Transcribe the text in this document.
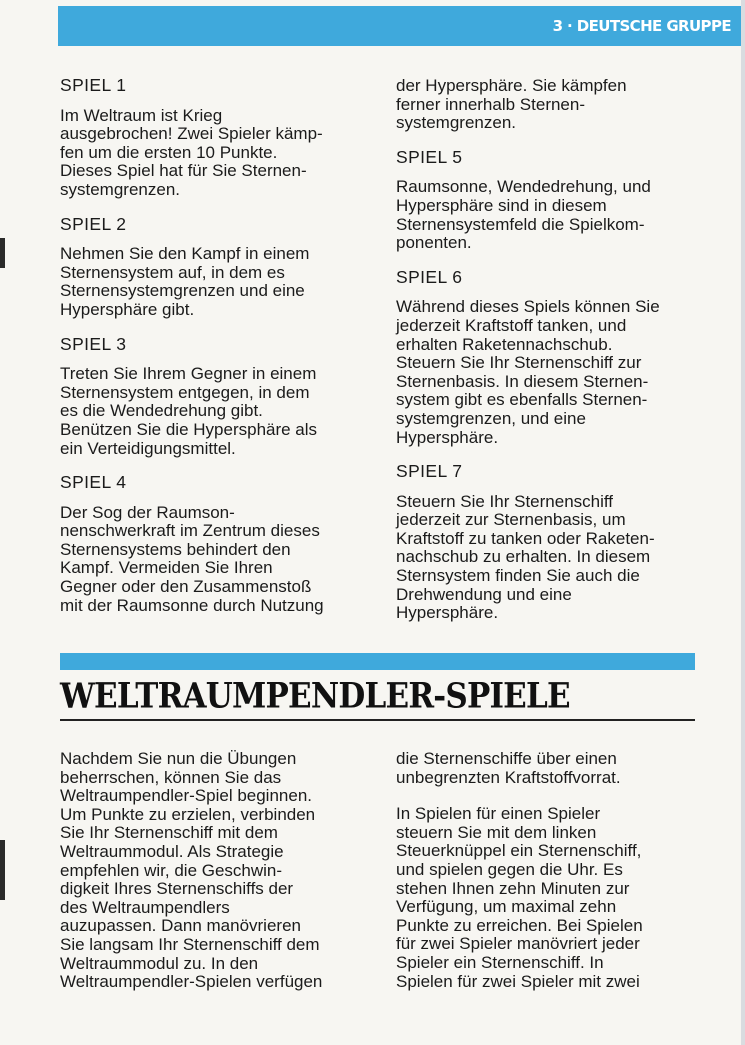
3 · DEUTSCHE GRUPPE

SPIEL 1

Im Weltraum ist Krieg
ausgebrochen! Zwei Spieler kämp-
fen um die ersten 10 Punkte.
Dieses Spiel hat für Sie Sternen-
systemgrenzen.

SPIEL 2

Nehmen Sie den Kampf in einem
Sternensystem auf, in dem es
Sternensystemgrenzen und eine
Hypersphäre gibt.

SPIEL 3

Treten Sie Ihrem Gegner in einem
Sternensystem entgegen, in dem
es die Wendedrehung gibt.
Benützen Sie die Hypersphäre als
ein Verteidigungsmittel.

SPIEL 4

Der Sog der Raumson-
nenschwerkraft im Zentrum dieses
Sternensystems behindert den
Kampf. Vermeiden Sie Ihren
Gegner oder den Zusammenstoß
mit der Raumsonne durch Nutzung

der Hypersphäre. Sie kämpfen
ferner innerhalb Sternen-
systemgrenzen.

SPIEL 5

Raumsonne, Wendedrehung, und
Hypersphäre sind in diesem
Sternensystemfeld die Spielkom-
ponenten.

SPIEL 6

Während dieses Spiels können Sie
jederzeit Kraftstoff tanken, und
erhalten Raketennachschub.
Steuern Sie Ihr Sternenschiff zur
Sternenbasis. In diesem Sternen-
system gibt es ebenfalls Sternen-
systemgrenzen, und eine
Hypersphäre.

SPIEL 7

Steuern Sie Ihr Sternenschiff
jederzeit zur Sternenbasis, um
Kraftstoff zu tanken oder Raketen-
nachschub zu erhalten. In diesem
Sternsystem finden Sie auch die
Drehwendung und eine
Hypersphäre.

WELTRAUMPENDLER-SPIELE

Nachdem Sie nun die Übungen
beherrschen, können Sie das
Weltraumpendler-Spiel beginnen.
Um Punkte zu erzielen, verbinden
Sie Ihr Sternenschiff mit dem
Weltraummodul. Als Strategie
empfehlen wir, die Geschwin-
digkeit Ihres Sternenschiffs der
des Weltraumpendlers
auzupassen. Dann manövrieren
Sie langsam Ihr Sternenschiff dem
Weltraummodul zu. In den
Weltraumpendler-Spielen verfügen

die Sternenschiffe über einen
unbegrenzten Kraftstoffvorrat.

In Spielen für einen Spieler
steuern Sie mit dem linken
Steuerknüppel ein Sternenschiff,
und spielen gegen die Uhr. Es
stehen Ihnen zehn Minuten zur
Verfügung, um maximal zehn
Punkte zu erreichen. Bei Spielen
für zwei Spieler manövriert jeder
Spieler ein Sternenschiff. In
Spielen für zwei Spieler mit zwei
